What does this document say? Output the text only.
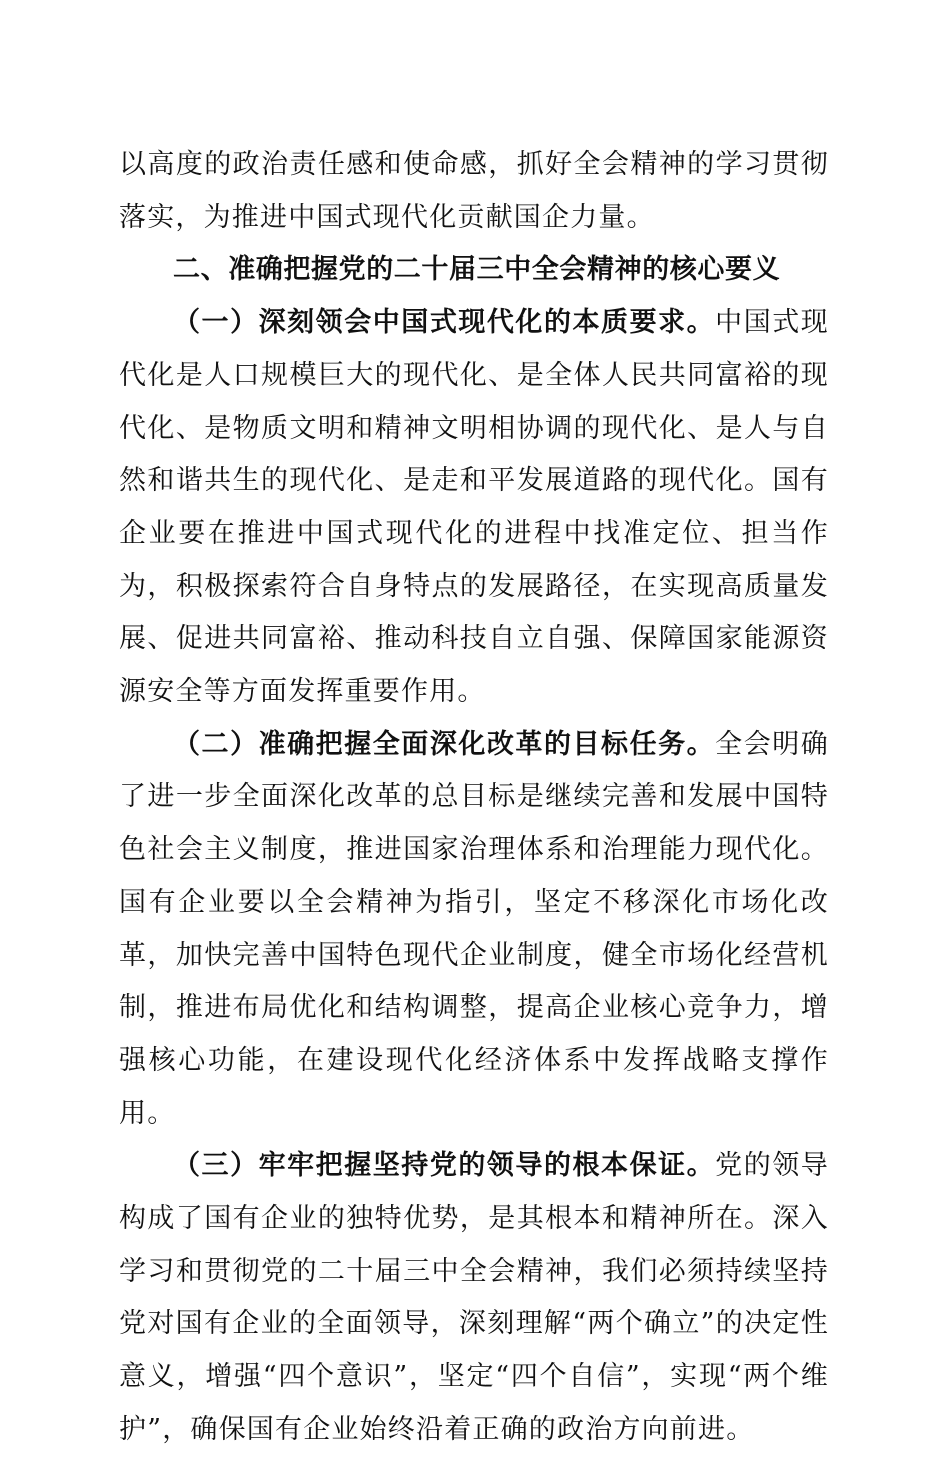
以高度的政治责任感和使命感，抓好全会精神的学习贯彻落实，为推进中国式现代化贡献国企力量。

二、准确把握党的二十届三中全会精神的核心要义

（一）深刻领会中国式现代化的本质要求。中国式现代化是人口规模巨大的现代化、是全体人民共同富裕的现代化、是物质文明和精神文明相协调的现代化、是人与自然和谐共生的现代化、是走和平发展道路的现代化。国有企业要在推进中国式现代化的进程中找准定位、担当作为，积极探索符合自身特点的发展路径，在实现高质量发展、促进共同富裕、推动科技自立自强、保障国家能源资源安全等方面发挥重要作用。

（二）准确把握全面深化改革的目标任务。全会明确了进一步全面深化改革的总目标是继续完善和发展中国特色社会主义制度，推进国家治理体系和治理能力现代化。国有企业要以全会精神为指引，坚定不移深化市场化改革，加快完善中国特色现代企业制度，健全市场化经营机制，推进布局优化和结构调整，提高企业核心竞争力，增强核心功能，在建设现代化经济体系中发挥战略支撑作用。

（三）牢牢把握坚持党的领导的根本保证。党的领导构成了国有企业的独特优势，是其根本和精神所在。深入学习和贯彻党的二十届三中全会精神，我们必须持续坚持党对国有企业的全面领导，深刻理解“两个确立”的决定性意义，增强“四个意识”，坚定“四个自信”，实现“两个维护”，确保国有企业始终沿着正确的政治方向前进。
